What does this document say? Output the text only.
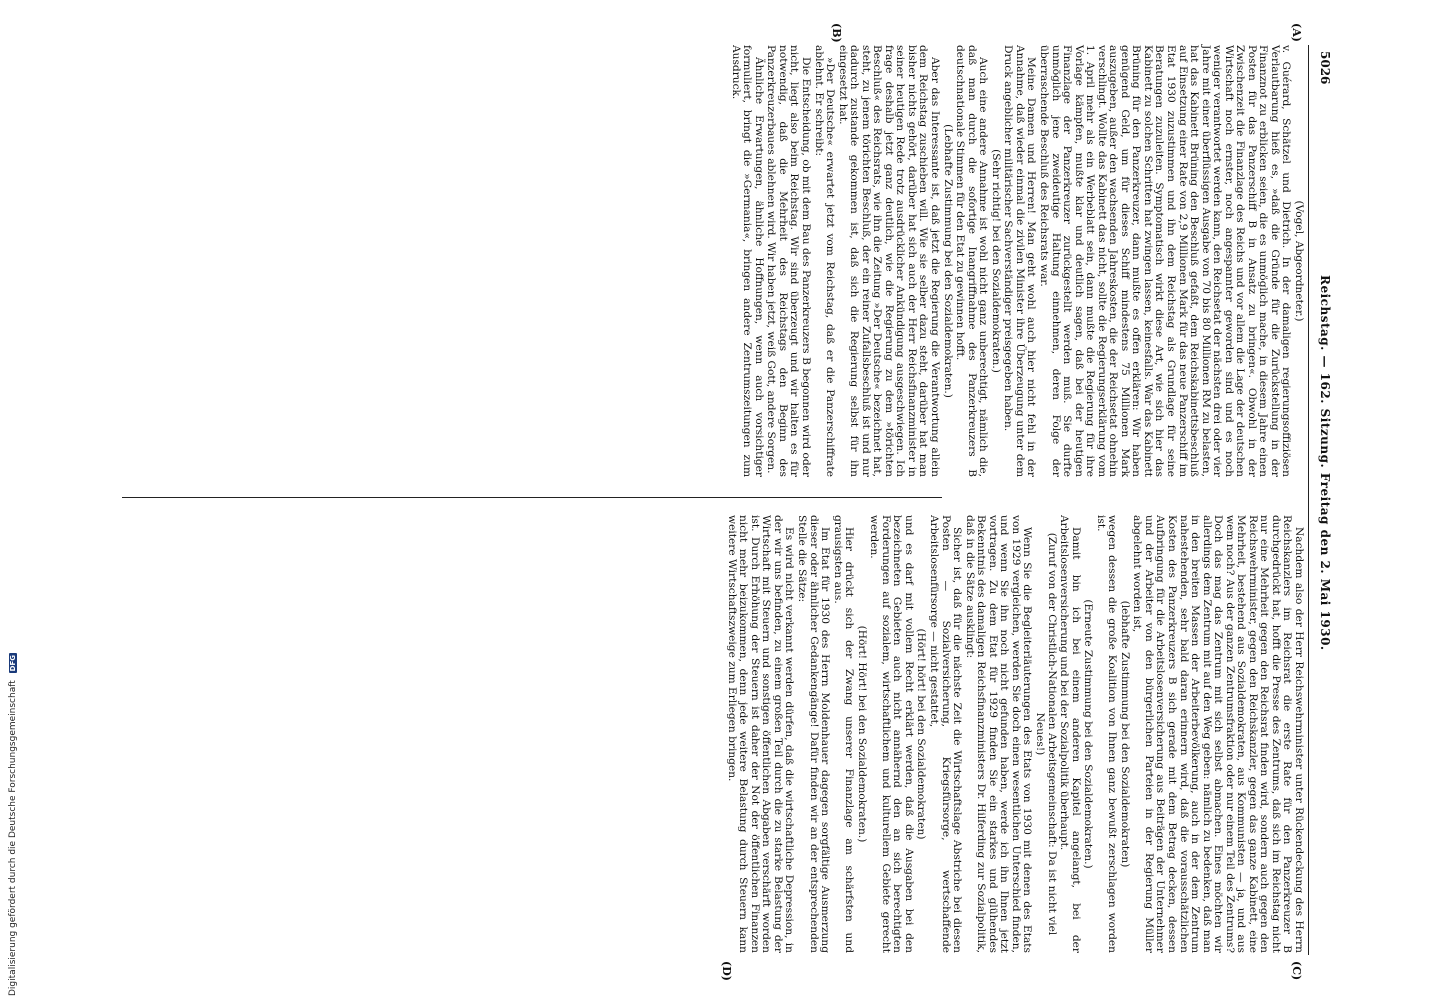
5026
Reichstag. — 162. Sitzung. Freitag den 2. Mai 1930.
(A)
(B)
(C)
(D)

(Vogel, Abgeordneter.)

v. Guérard, Schätzel und Dietrich. In der damaligen regierungsoffiziösen Verlautbarung hieß es, »daß die Gründe für die Zurückstellung in der Finanznot zu erblicken seien, die es unmöglich mache, in diesem Jahre einen Posten für das Panzerschiff B in Ansatz zu bringen«. Obwohl in der Zwischenzeit die Finanzlage des Reichs und vor allem die Lage der deutschen Wirtschaft noch ernster, noch angespannter geworden sind und es noch weniger verantwortet werden kann, den Reichsetat der nächsten drei oder vier Jahre mit einer überflüssigen Ausgabe von 70 bis 80 Millionen RM zu belasten, hat das Kabinett Brüning den Beschluß gefaßt, dem Reichskabinettsbeschluß auf Einsetzung einer Rate von 2,9 Millionen Mark für das neue Panzerschiff im Etat 1930 zuzustimmen und ihn dem Reichstag als Grundlage für seine Beratungen zuzuleiten. Symptomatisch wirkt diese Art, wie sich hier das Kabinett zu solchen Schritten hat zwingen lassen, keinesfalls. War das Kabinett Brüning für den Panzerkreuzer, dann mußte es offen erklären: Wir haben genügend Geld, um für dieses Schiff mindestens 75 Millionen Mark auszugeben, außer den wachsenden Jahreskosten, die der Reichsetat ohnehin verschlingt. Wollte das Kabinett das nicht, sollte die Regierungserklärung vom 1. April mehr als ein Werbeblatt sein, dann mußte die Regierung für ihre Vorlage kämpfen, mußte klar und deutlich sagen, daß bei der heutigen Finanzlage der Panzerkreuzer zurückgestellt werden muß. Sie durfte unmöglich jene zweideutige Haltung einnehmen, deren Folge der überraschende Beschluß des Reichsrats war.

Meine Damen und Herren! Man geht wohl auch hier nicht fehl in der Annahme, daß wieder einmal die zivilen Minister ihre Überzeugung unter dem Druck angeblicher militärischer Sachverständiger preisgegeben haben.

(Sehr richtig! bei den Sozialdemokraten.)

Auch eine andere Annahme ist wohl nicht ganz unberechtigt, nämlich die, daß man durch die sofortige Inangriffnahme des Panzerkreuzers B deutschnationale Stimmen für den Etat zu gewinnen hofft.

(Lebhafte Zustimmung bei den Sozialdemokraten.)

Aber das Interessante ist, daß jetzt die Regierung die Verantwortung allein dem Reichstag zuschieben will. Wie sie selber dazu steht, darüber hat man bisher nichts gehört, darüber hat sich auch der Herr Reichsfinanzminister in seiner heutigen Rede trotz ausdrücklicher Ankündigung ausgeschwiegen. Ich frage deshalb jetzt ganz deutlich, wie die Regierung zu dem »törichten Beschluß« des Reichsrats, wie ihn die Zeitung »Der Deutsche« bezeichnet hat, steht, zu jenem törichten Beschluß, der ein reiner Zufallsbeschluß ist und nur dadurch zustande gekommen ist, daß sich die Regierung selbst für ihn eingesetzt hat.

»Der Deutsche« erwartet jetzt vom Reichstag, daß er die Panzerschiffrate ablehnt. Er schreibt:

Die Entscheidung, ob mit dem Bau des Panzerkreuzers B begonnen wird oder nicht, liegt also beim Reichstag. Wir sind überzeugt und wir halten es für notwendig, daß die Mehrheit des Reichstags den Beginn des Panzerkreuzerbaues ablehnen wird. Wir haben jetzt, weiß Gott, andere Sorgen.

Ähnliche Erwartungen, ähnliche Hoffnungen, wenn auch vorsichtiger formuliert, bringt die »Germania«, bringen andere Zentrumszeitungen zum Ausdruck.

Nachdem also der Herr Reichswehrminister unter Rückendeckung des Herrn Reichskanzlers im Reichsrat die erste Rate für den Panzerkreuzer B durchgedrückt hat, hofft die Presse des Zentrums, daß sich im Reichstag nicht nur eine Mehrheit gegen den Reichsrat finden wird, sondern auch gegen den Reichswehrminister, gegen den Reichskanzler, gegen das ganze Kabinett, eine Mehrheit, bestehend aus Sozialdemokraten, aus Kommunisten — ja, und aus wem noch? Aus der ganzen Zentrumsfraktion oder nur einem Teil des Zentrums? Doch das mag das Zentrum mit sich selbst abmachen. Eines möchten wir allerdings dem Zentrum mit auf den Weg geben: nämlich zu bedenken, daß man in den breiten Massen der Arbeiterbevölkerung, auch in der dem Zentrum nahestehenden, sehr bald daran erinnern wird, daß die vorausschätzlichen Kosten des Panzerkreuzers B sich gerade mit dem Betrag decken, dessen Aufbringung für die Arbeitslosenversicherung aus Beiträgen der Unternehmer und der Arbeiter von den bürgerlichen Parteien in der Regierung Müller abgelehnt worden ist,

(lebhafte Zustimmung bei den Sozialdemokraten)

wegen dessen die große Koalition von Ihnen ganz bewußt zerschlagen worden ist.

(Erneute Zustimmung bei den Sozialdemokraten.)

Damit bin ich bei einem anderen Kapitel angelangt, bei der Arbeitslosenversicherung und bei der Sozialpolitik überhaupt.

(Zuruf von der Christlich-Nationalen Arbeitsgemeinschaft: Da ist nicht viel Neues!)

Wenn Sie die Begleiterläuterungen des Etats von 1930 mit denen des Etats von 1929 vergleichen, werden Sie doch einen wesentlichen Unterschied finden, und wenn Sie ihn noch nicht gefunden haben, werde ich ihn Ihnen jetzt vortragen. Zu dem Etat für 1929 finden Sie ein starkes und glühendes Bekenntnis des damaligen Reichsfinanzministers Dr. Hilferding zur Sozialpolitik, daß in die Sätze ausklingt:

Sicher ist, daß für die nächste Zeit die Wirtschaftslage Abstriche bei diesen Posten — Sozialversicherung, Kriegsfürsorge, wertschaffende Arbeitslosenfürsorge — nicht gestattet,

(Hört! hört! bei den Sozialdemokraten)

und es darf mit vollem Recht erklärt werden, daß die Ausgaben bei den bezeichneten Gebieten auch nicht annähernd den an sich berechtigten Forderungen auf sozialem, wirtschaftlichem und kulturellem Gebiete gerecht werden.

(Hört! Hört! bei den Sozialdemokraten.)

Hier drückt sich der Zwang unserer Finanzlage am schärfsten und grausigsten aus.

Im Etat für 1930 des Herrn Moldenhauer dagegen sorgfältige Ausmerzung dieser oder ähnlicher Gedankengänge! Dafür finden wir an der entsprechenden Stelle die Sätze:

Es wird nicht verkannt werden dürfen, daß die wirtschaftliche Depression, in der wir uns befinden, zu einem großen Teil durch die zu starke Belastung der Wirtschaft mit Steuern und sonstigen öffentlichen Abgaben verschärft worden ist. Durch Erhöhung der Steuern ist daher der Not der öffentlichen Finanzen nicht mehr beizukommen, denn jede weitere Belastung durch Steuern kann weitere Wirtschaftszweige zum Erliegen bringen.

Digitalisierung gefördert durch die Deutsche Forschungsgemeinschaft DFG
